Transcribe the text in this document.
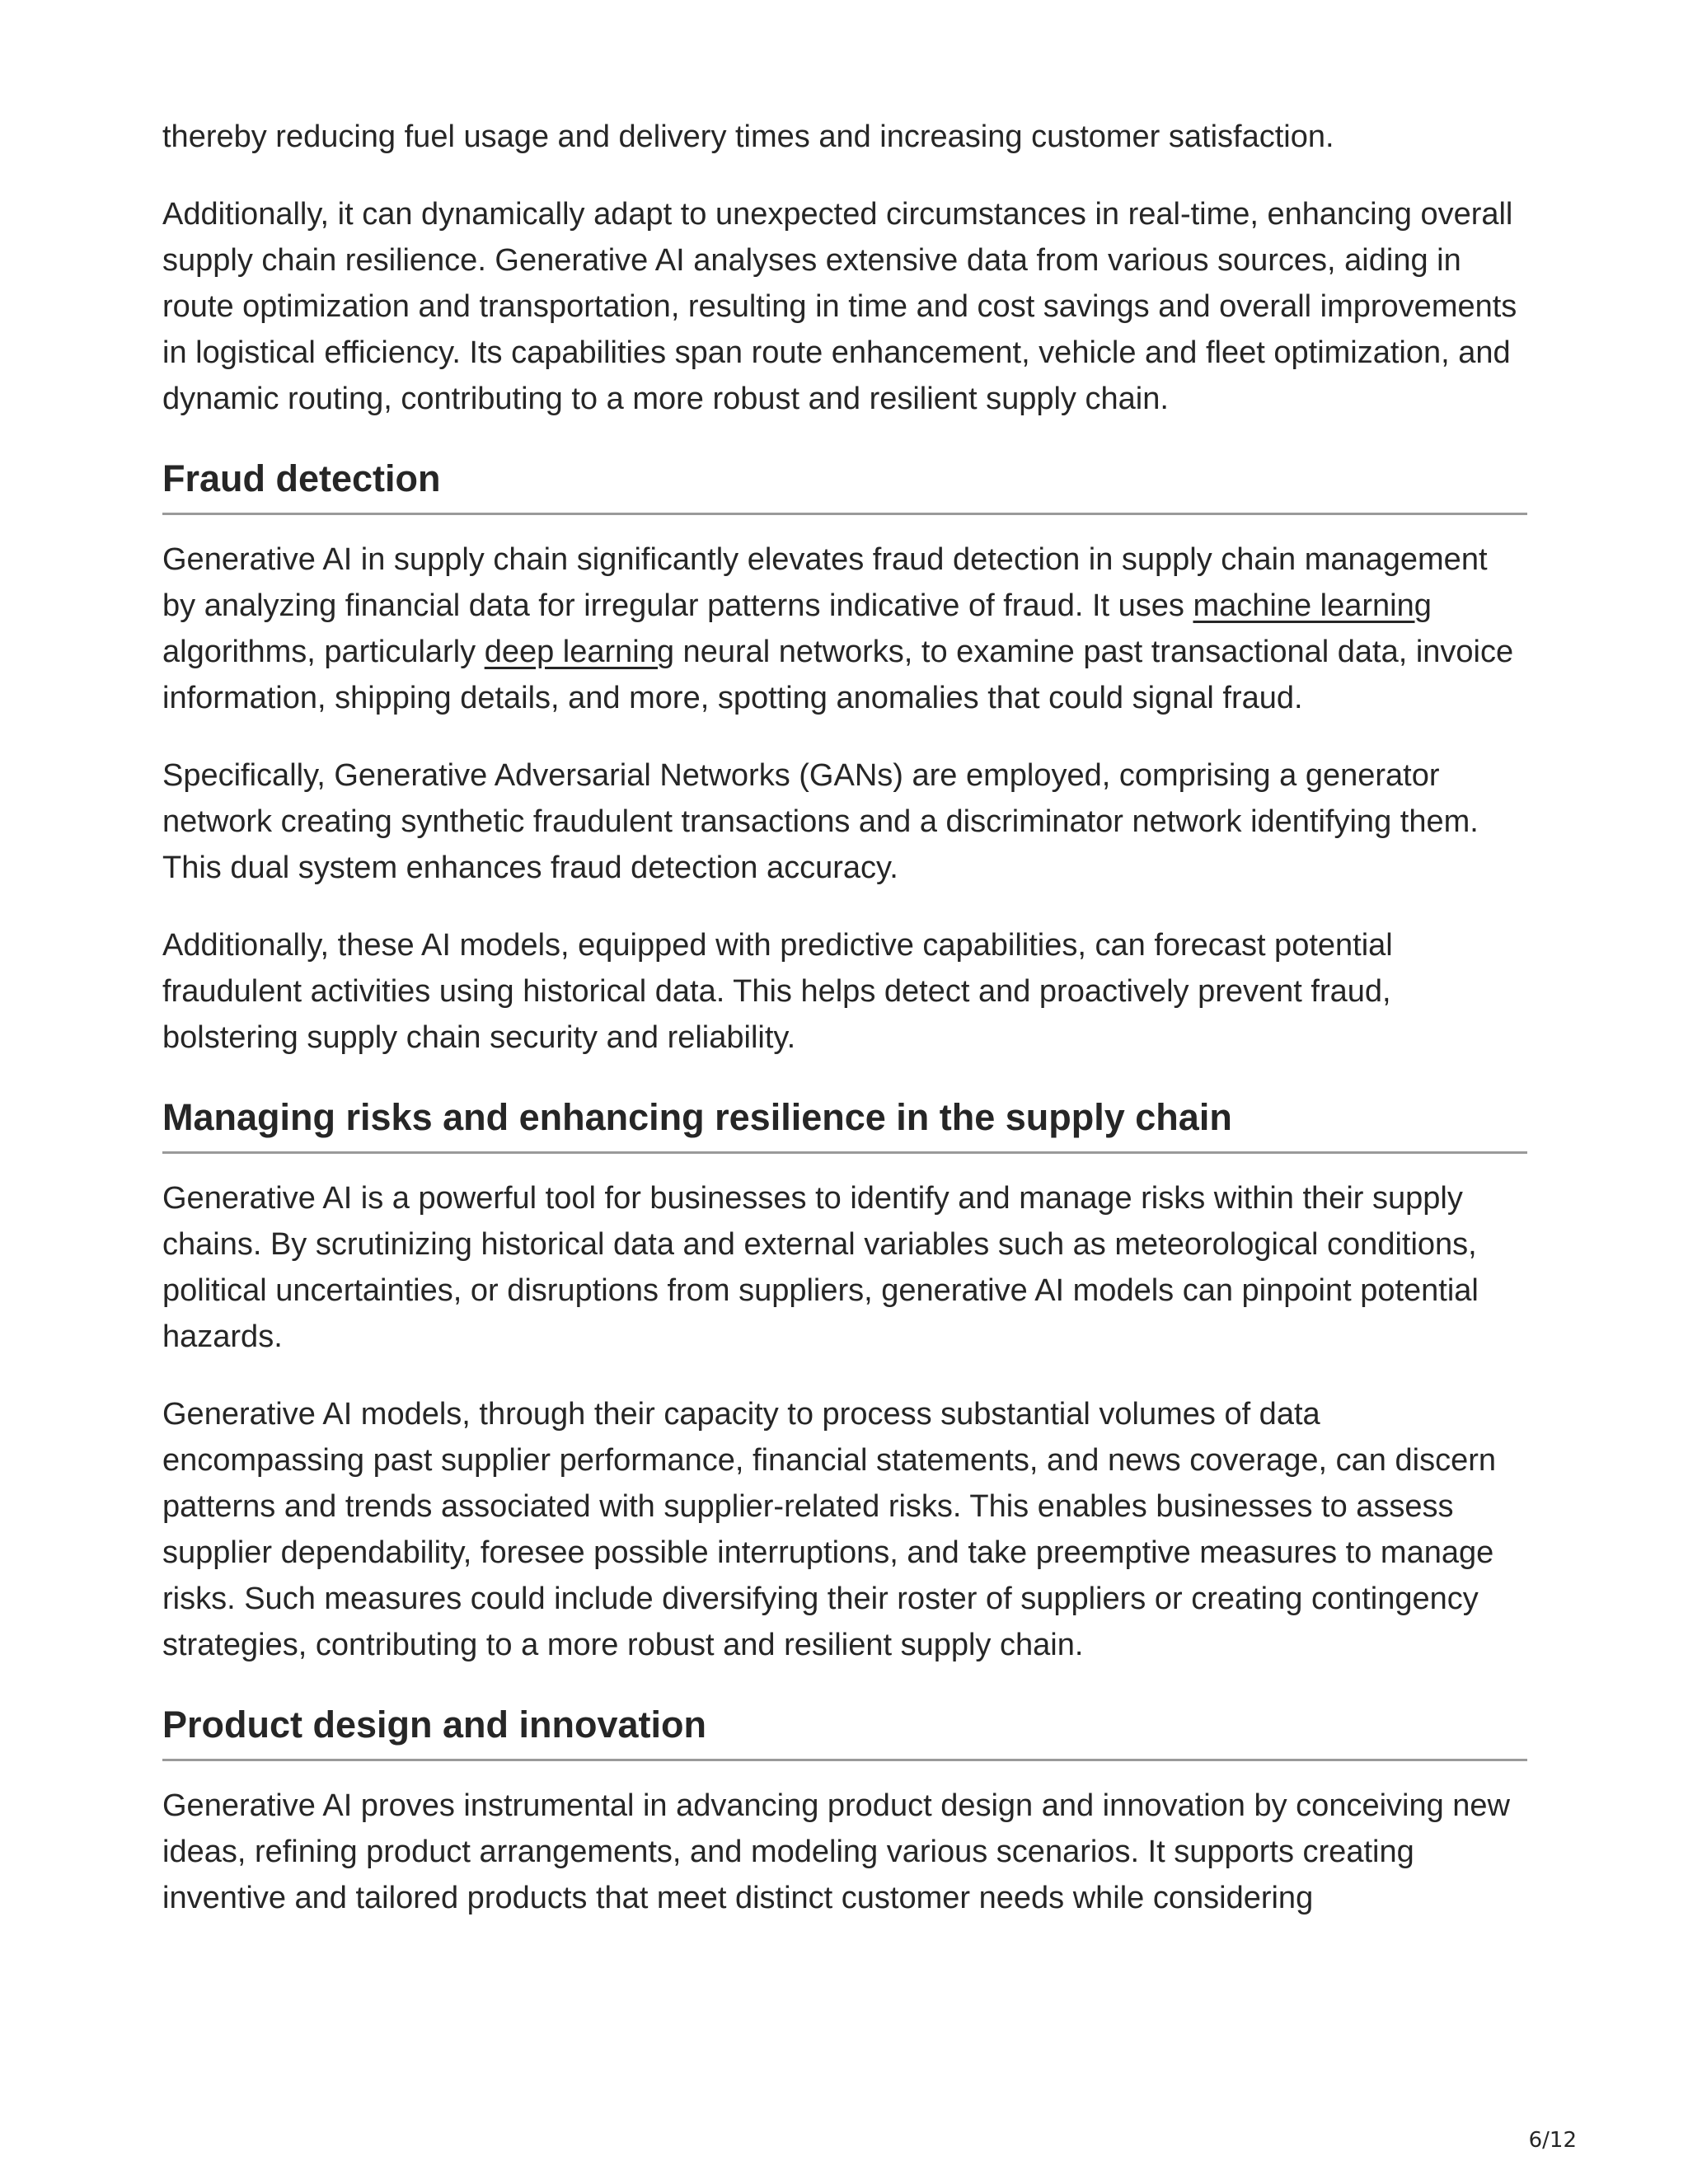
thereby reducing fuel usage and delivery times and increasing customer satisfaction.

Additionally, it can dynamically adapt to unexpected circumstances in real-time, enhancing overall supply chain resilience. Generative AI analyses extensive data from various sources, aiding in route optimization and transportation, resulting in time and cost savings and overall improvements in logistical efficiency. Its capabilities span route enhancement, vehicle and fleet optimization, and dynamic routing, contributing to a more robust and resilient supply chain.

Fraud detection

Generative AI in supply chain significantly elevates fraud detection in supply chain management by analyzing financial data for irregular patterns indicative of fraud. It uses machine learning algorithms, particularly deep learning neural networks, to examine past transactional data, invoice information, shipping details, and more, spotting anomalies that could signal fraud.

Specifically, Generative Adversarial Networks (GANs) are employed, comprising a generator network creating synthetic fraudulent transactions and a discriminator network identifying them. This dual system enhances fraud detection accuracy.

Additionally, these AI models, equipped with predictive capabilities, can forecast potential fraudulent activities using historical data. This helps detect and proactively prevent fraud, bolstering supply chain security and reliability.

Managing risks and enhancing resilience in the supply chain

Generative AI is a powerful tool for businesses to identify and manage risks within their supply chains. By scrutinizing historical data and external variables such as meteorological conditions, political uncertainties, or disruptions from suppliers, generative AI models can pinpoint potential hazards.

Generative AI models, through their capacity to process substantial volumes of data encompassing past supplier performance, financial statements, and news coverage, can discern patterns and trends associated with supplier-related risks. This enables businesses to assess supplier dependability, foresee possible interruptions, and take preemptive measures to manage risks. Such measures could include diversifying their roster of suppliers or creating contingency strategies, contributing to a more robust and resilient supply chain.

Product design and innovation

Generative AI proves instrumental in advancing product design and innovation by conceiving new ideas, refining product arrangements, and modeling various scenarios. It supports creating inventive and tailored products that meet distinct customer needs while considering

6/12
